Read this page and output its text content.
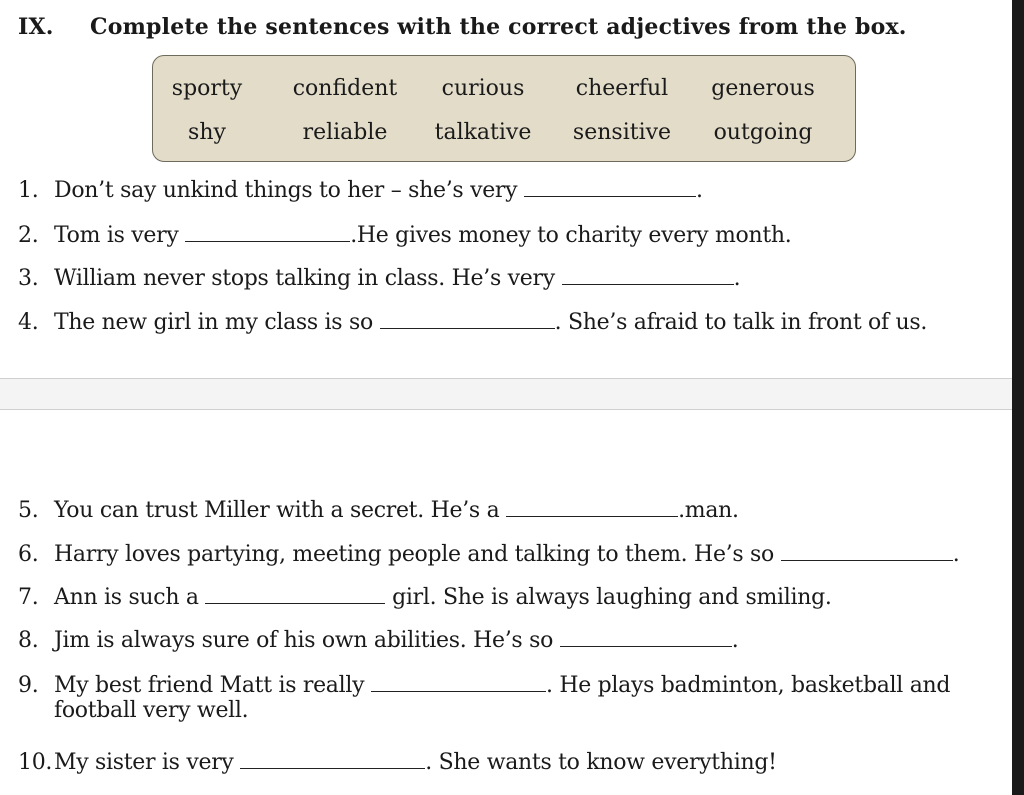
IX.	Complete the sentences with the correct adjectives from the box.
sporty	confident	curious	cheerful	generous
shy	reliable	talkative	sensitive	outgoing
1. Don’t say unkind things to her – she’s very	.
2. Tom is very	.He gives money to charity every month.
3. William never stops talking in class. He’s very	.
4. The new girl in my class is so	. She’s afraid to talk in front of us.
5. You can trust Miller with a secret. He’s a	.man.
6. Harry loves partying, meeting people and talking to them. He’s so	.
7. Ann is such a	girl. She is always laughing and smiling.
8. Jim is always sure of his own abilities. He’s so	.
9. My best friend Matt is really	. He plays badminton, basketball and
football very well.
10.My sister is very	. She wants to know everything!
